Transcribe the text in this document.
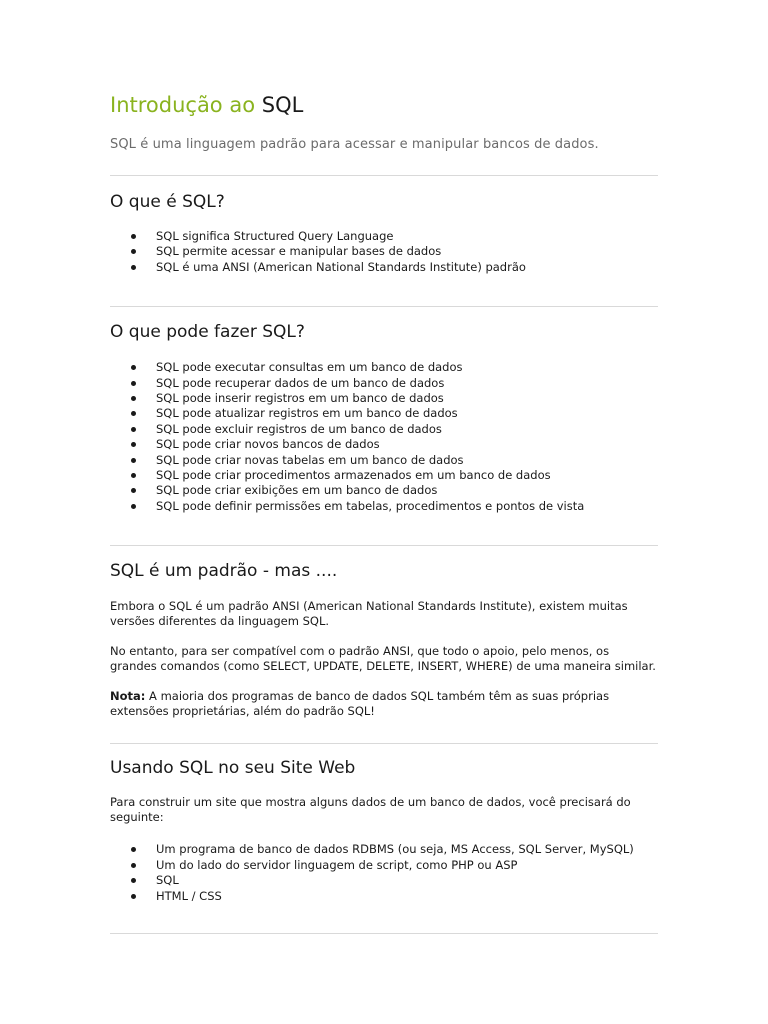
Introdução ao SQL

SQL é uma linguagem padrão para acessar e manipular bancos de dados.

O que é SQL?
SQL significa Structured Query Language
SQL permite acessar e manipular bases de dados
SQL é uma ANSI (American National Standards Institute) padrão
O que pode fazer SQL?
SQL pode executar consultas em um banco de dados
SQL pode recuperar dados de um banco de dados
SQL pode inserir registros em um banco de dados
SQL pode atualizar registros em um banco de dados
SQL pode excluir registros de um banco de dados
SQL pode criar novos bancos de dados
SQL pode criar novas tabelas em um banco de dados
SQL pode criar procedimentos armazenados em um banco de dados
SQL pode criar exibições em um banco de dados
SQL pode definir permissões em tabelas, procedimentos e pontos de vista
SQL é um padrão - mas ....

Embora o SQL é um padrão ANSI (American National Standards Institute), existem muitas versões diferentes da linguagem SQL.

No entanto, para ser compatível com o padrão ANSI, que todo o apoio, pelo menos, os grandes comandos (como SELECT, UPDATE, DELETE, INSERT, WHERE) de uma maneira similar.

Nota: A maioria dos programas de banco de dados SQL também têm as suas próprias extensões proprietárias, além do padrão SQL!

Usando SQL no seu Site Web

Para construir um site que mostra alguns dados de um banco de dados, você precisará do seguinte:

Um programa de banco de dados RDBMS (ou seja, MS Access, SQL Server, MySQL)
Um do lado do servidor linguagem de script, como PHP ou ASP
SQL
HTML / CSS
